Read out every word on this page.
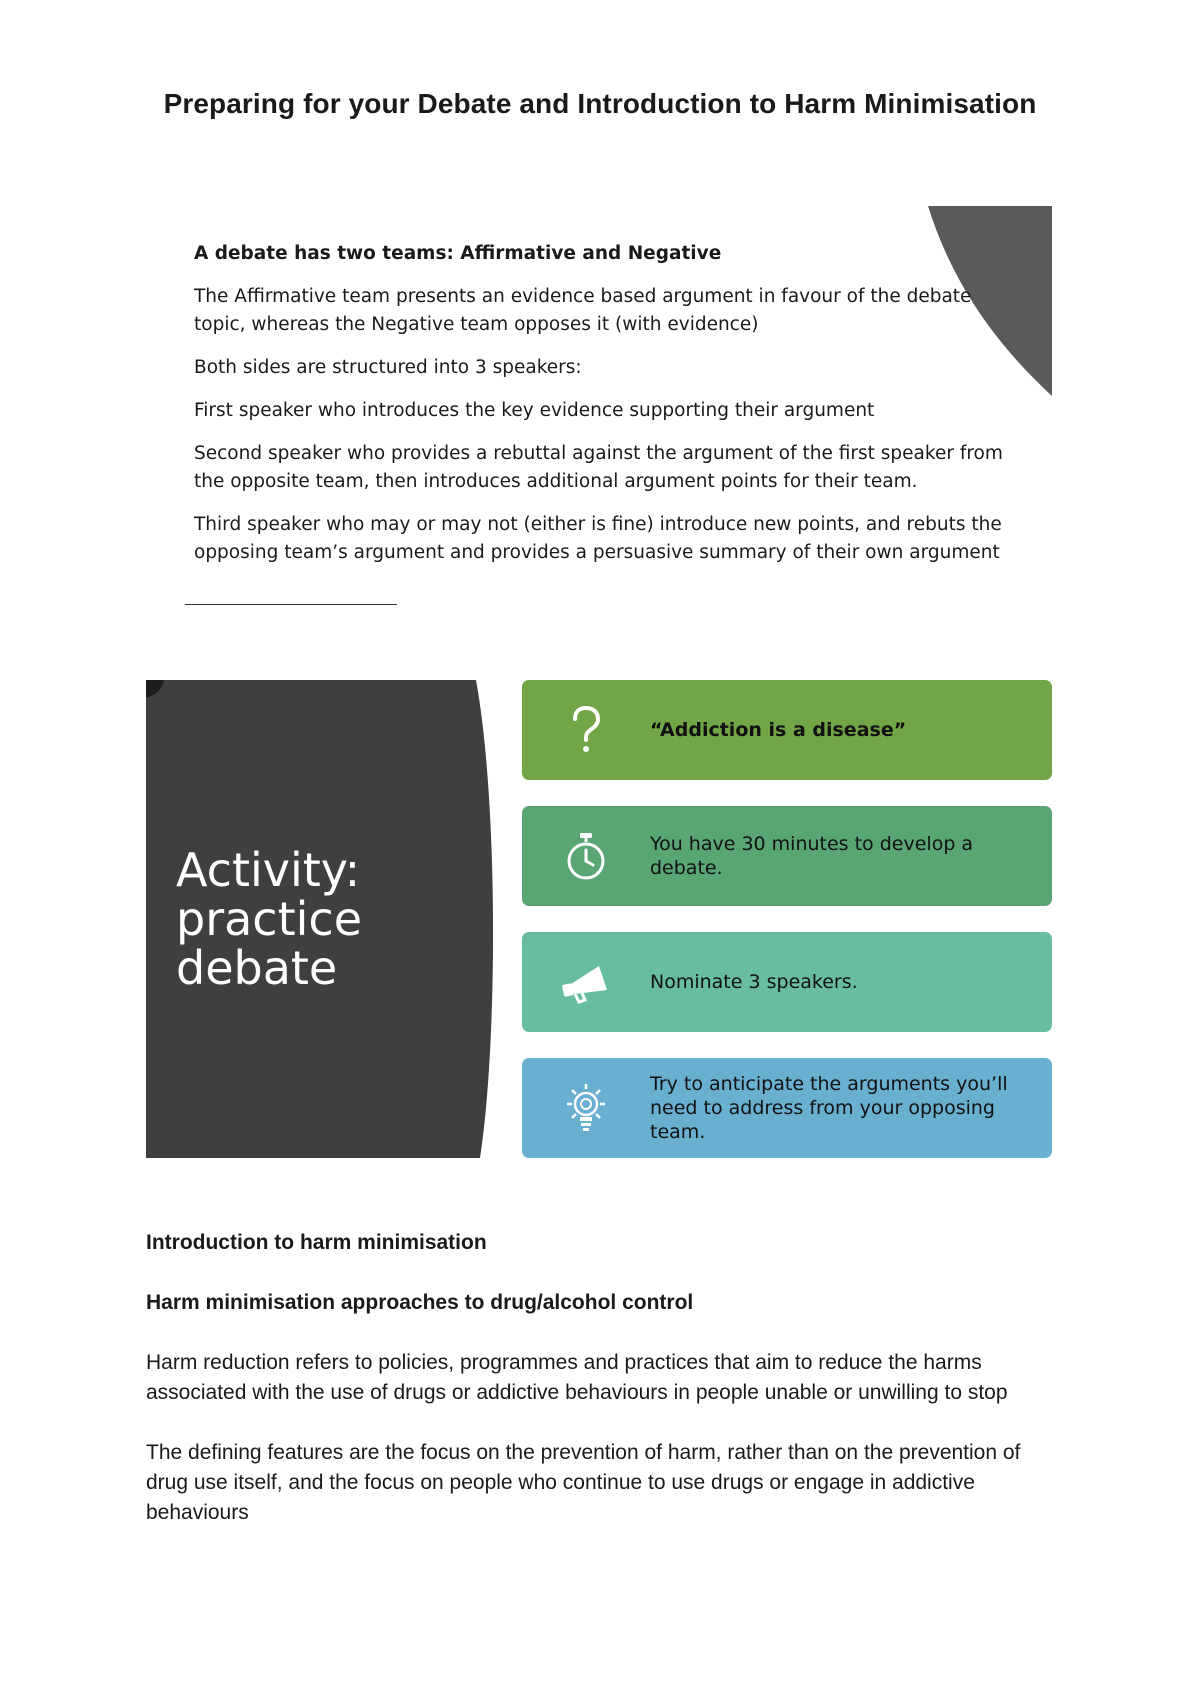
Preparing for your Debate and Introduction to Harm Minimisation

A debate has two teams: Affirmative and Negative

The Affirmative team presents an evidence based argument in favour of the debate topic, whereas the Negative team opposes it (with evidence)

Both sides are structured into 3 speakers:

First speaker who introduces the key evidence supporting their argument

Second speaker who provides a rebuttal against the argument of the first speaker from the opposite team, then introduces additional argument points for their team.

Third speaker who may or may not (either is fine) introduce new points, and rebuts the opposing team’s argument and provides a persuasive summary of their own argument

Activity: practice debate
“Addiction is a disease”
You have 30 minutes to develop a debate.
Nominate 3 speakers.
Try to anticipate the arguments you’ll need to address from your opposing team.

Introduction to harm minimisation

Harm minimisation approaches to drug/alcohol control

Harm reduction refers to policies, programmes and practices that aim to reduce the harms associated with the use of drugs or addictive behaviours in people unable or unwilling to stop

The defining features are the focus on the prevention of harm, rather than on the prevention of drug use itself, and the focus on people who continue to use drugs or engage in addictive behaviours
